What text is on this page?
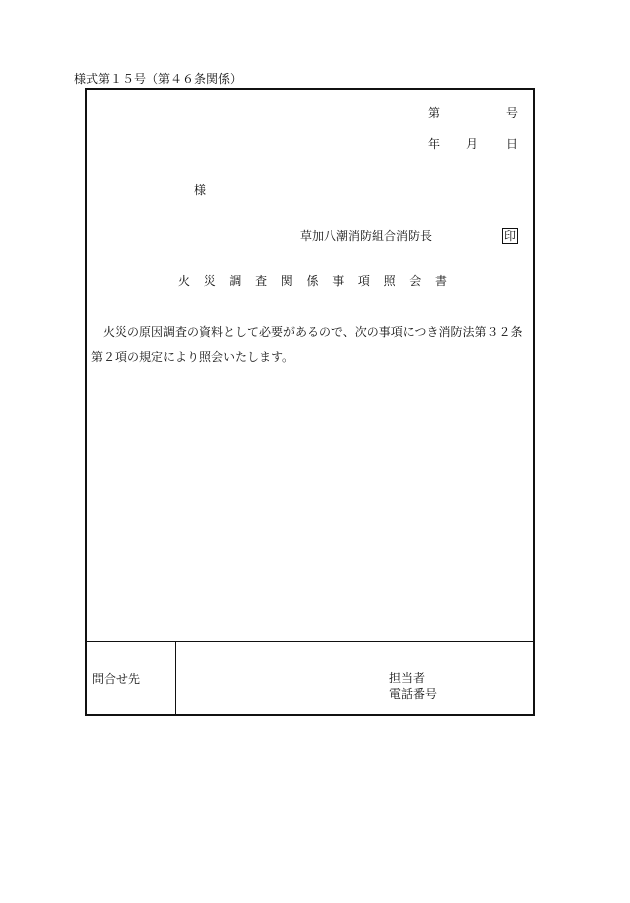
様式第１５号（第４６条関係）
第	号
年 月 日
様
草加八潮消防組合消防長	印
火 災 調 査 関 係 事 項 照 会 書
火災の原因調査の資料として必要があるので、次の事項につき消防法第３２条第２項の規定により照会いたします。
問合せ先	担当者
電話番号
